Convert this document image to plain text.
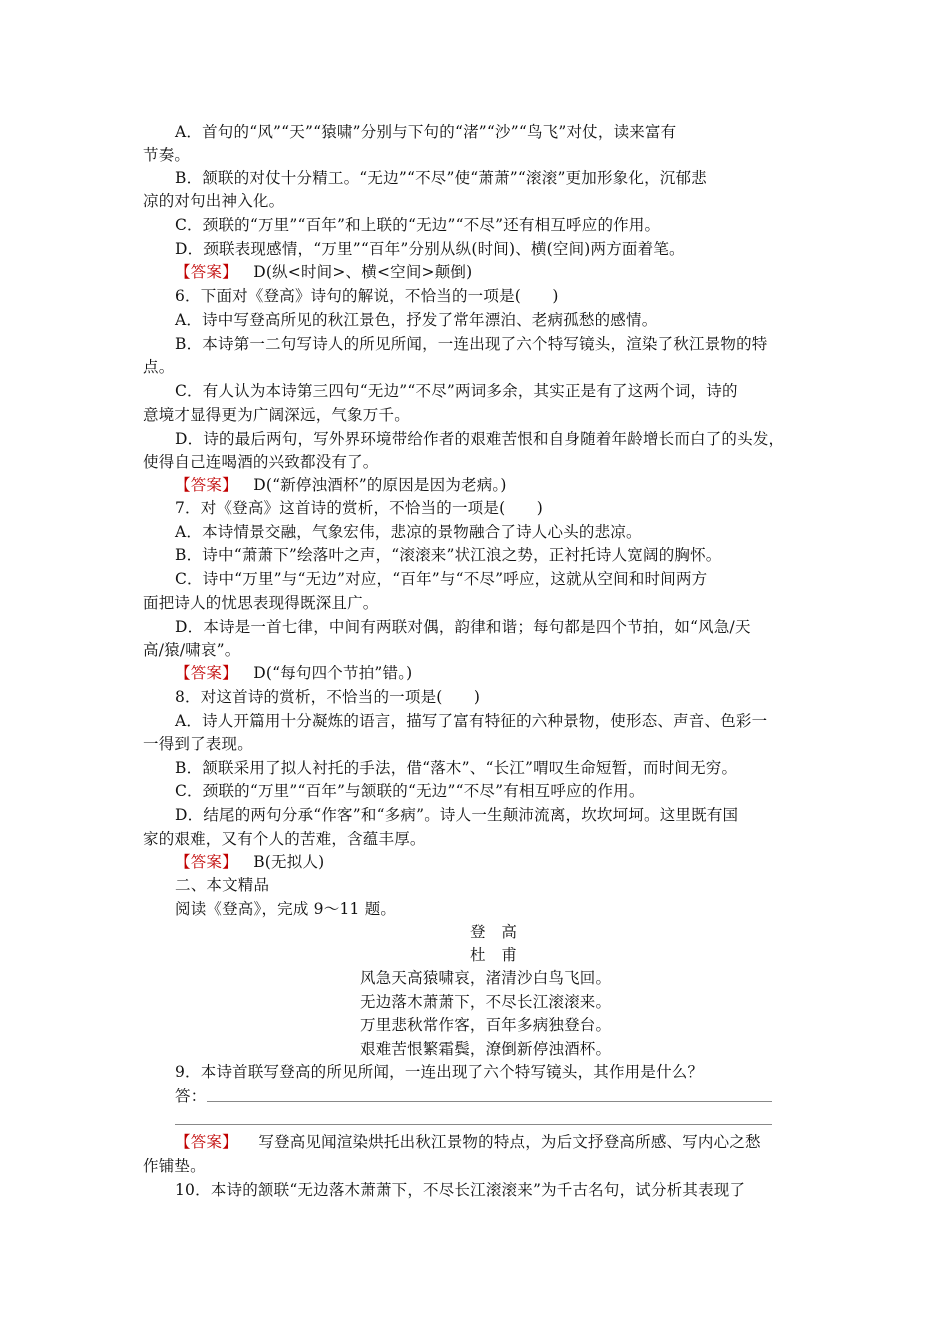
A．首句的“风”“天”“猿啸”分别与下句的“渚”“沙”“鸟飞”对仗，读来富有
节奏。
B．颔联的对仗十分精工。“无边”“不尽”使“萧萧”“滚滚”更加形象化，沉郁悲
凉的对句出神入化。
C．颈联的“万里”“百年”和上联的“无边”“不尽”还有相互呼应的作用。
D．颈联表现感情，“万里”“百年”分别从纵(时间)、横(空间)两方面着笔。
【答案】 D(纵<时间>、横<空间>颠倒)
6．下面对《登高》诗句的解说，不恰当的一项是(　　)
A．诗中写登高所见的秋江景色，抒发了常年漂泊、老病孤愁的感情。
B．本诗第一二句写诗人的所见所闻，一连出现了六个特写镜头，渲染了秋江景物的特
点。
C．有人认为本诗第三四句“无边”“不尽”两词多余，其实正是有了这两个词，诗的
意境才显得更为广阔深远，气象万千。
D．诗的最后两句，写外界环境带给作者的艰难苦恨和自身随着年龄增长而白了的头发，
使得自己连喝酒的兴致都没有了。
【答案】 D(“新停浊酒杯”的原因是因为老病。)
7．对《登高》这首诗的赏析，不恰当的一项是(　　)
A．本诗情景交融，气象宏伟，悲凉的景物融合了诗人心头的悲凉。
B．诗中“萧萧下”绘落叶之声，“滚滚来”状江浪之势，正衬托诗人宽阔的胸怀。
C．诗中“万里”与“无边”对应，“百年”与“不尽”呼应，这就从空间和时间两方
面把诗人的忧思表现得既深且广。
D．本诗是一首七律，中间有两联对偶，韵律和谐；每句都是四个节拍，如“风急/天
高/猿/啸哀”。
【答案】 D(“每句四个节拍”错。)
8．对这首诗的赏析，不恰当的一项是(　　)
A．诗人开篇用十分凝炼的语言，描写了富有特征的六种景物，使形态、声音、色彩一
一得到了表现。
B．颔联采用了拟人衬托的手法，借“落木”、“长江”喟叹生命短暂，而时间无穷。
C．颈联的“万里”“百年”与颔联的“无边”“不尽”有相互呼应的作用。
D．结尾的两句分承“作客”和“多病”。诗人一生颠沛流离，坎坎坷坷。这里既有国
家的艰难，又有个人的苦难，含蕴丰厚。
【答案】 B(无拟人)
二、本文精品
阅读《登高》，完成 9～11 题。
登　高
杜　甫
风急天高猿啸哀，渚清沙白鸟飞回。
无边落木萧萧下，不尽长江滚滚来。
万里悲秋常作客，百年多病独登台。
艰难苦恨繁霜鬓，潦倒新停浊酒杯。
9．本诗首联写登高的所见所闻，一连出现了六个特写镜头，其作用是什么？
答：
【答案】 写登高见闻渲染烘托出秋江景物的特点，为后文抒登高所感、写内心之愁
作铺垫。
10．本诗的颔联“无边落木萧萧下，不尽长江滚滚来”为千古名句，试分析其表现了
